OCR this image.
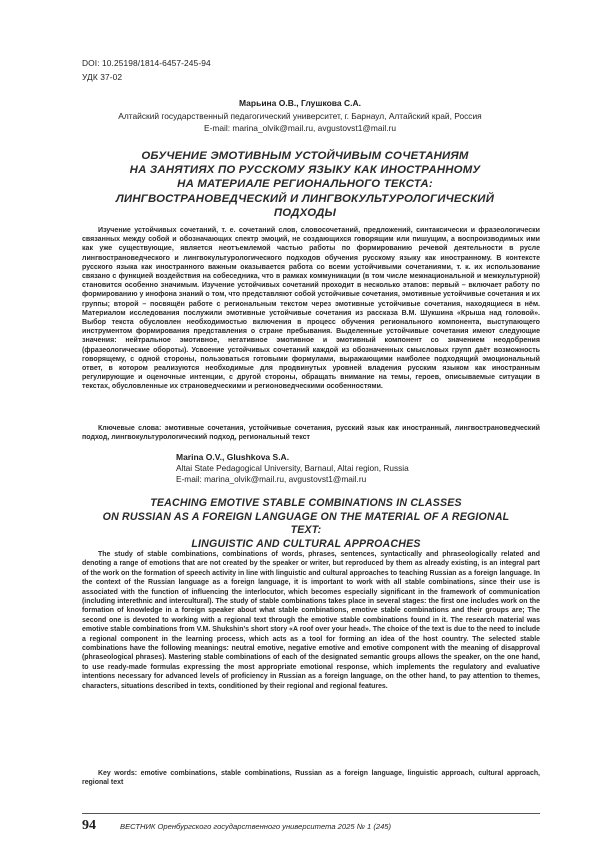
DOI: 10.25198/1814-6457-245-94
УДК 37-02
Марьина О.В., Глушкова С.А.
Алтайский государственный педагогический университет, г. Барнаул, Алтайский край, Россия
E-mail: marina_olvik@mail.ru, avgustovst1@mail.ru
ОБУЧЕНИЕ ЭМОТИВНЫМ УСТОЙЧИВЫМ СОЧЕТАНИЯМ
НА ЗАНЯТИЯХ ПО РУССКОМУ ЯЗЫКУ КАК ИНОСТРАННОМУ
НА МАТЕРИАЛЕ РЕГИОНАЛЬНОГО ТЕКСТА:
ЛИНГВОСТРАНОВЕДЧЕСКИЙ И ЛИНГВОКУЛЬТУРОЛОГИЧЕСКИЙ
ПОДХОДЫ
Изучение устойчивых сочетаний, т. е. сочетаний слов, словосочетаний, предложений, синтаксически и фразеологически связанных между собой и обозначающих спектр эмоций, не создающихся говорящим или пишущим, а воспроизводимых ими как уже существующие, является неотъемлемой частью работы по формированию речевой деятельности в русле лингвострановедческого и лингвокультурологического подходов обучения русскому языку как иностранному. В контексте русского языка как иностранного важным оказывается работа со всеми устойчивыми сочетаниями, т. к. их использование связано с функцией воздействия на собеседника, что в рамках коммуникации (в том числе межнациональной и межкультурной) становится особенно значимым. Изучение устойчивых сочетаний проходит в несколько этапов: первый – включает работу по формированию у инофона знаний о том, что представляют собой устойчивые сочетания, эмотивные устойчивые сочетания и их группы; второй – посвящён работе с региональным текстом через эмотивные устойчивые сочетания, находящиеся в нём. Материалом исследования послужили эмотивные устойчивые сочетания из рассказа В.М. Шукшина «Крыша над головой». Выбор текста обусловлен необходимостью включения в процесс обучения регионального компонента, выступающего инструментом формирования представления о стране пребывания. Выделенные устойчивые сочетания имеют следующие значения: нейтральное эмотивное, негативное эмотивное и эмотивный компонент со значением неодобрения (фразеологические обороты). Усвоение устойчивых сочетаний каждой из обозначенных смысловых групп даёт возможность говорящему, с одной стороны, пользоваться готовыми формулами, выражающими наиболее подходящий эмоциональный ответ, в котором реализуются необходимые для продвинутых уровней владения русским языком как иностранным регулирующие и оценочные интенции, с другой стороны, обращать внимание на темы, героев, описываемые ситуации в текстах, обусловленные их страноведческими и регионоведческими особенностями.
Ключевые слова: эмотивные сочетания, устойчивые сочетания, русский язык как иностранный, лингвострановедческий подход, лингвокультурологический подход, региональный текст
Marina O.V., Glushkova S.A.
Altai State Pedagogical University, Barnaul, Altai region, Russia
E-mail: marina_olvik@mail.ru, avgustovst1@mail.ru
TEACHING EMOTIVE STABLE COMBINATIONS IN CLASSES
ON RUSSIAN AS A FOREIGN LANGUAGE ON THE MATERIAL OF A REGIONAL TEXT:
LINGUISTIC AND CULTURAL APPROACHES
The study of stable combinations, combinations of words, phrases, sentences, syntactically and phraseologically related and denoting a range of emotions that are not created by the speaker or writer, but reproduced by them as already existing, is an integral part of the work on the formation of speech activity in line with linguistic and cultural approaches to teaching Russian as a foreign language. In the context of the Russian language as a foreign language, it is important to work with all stable combinations, since their use is associated with the function of influencing the interlocutor, which becomes especially significant in the framework of communication (including interethnic and intercultural). The study of stable combinations takes place in several stages: the first one includes work on the formation of knowledge in a foreign speaker about what stable combinations, emotive stable combinations and their groups are; The second one is devoted to working with a regional text through the emotive stable combinations found in it. The research material was emotive stable combinations from V.M. Shukshin’s short story «A roof over your head». The choice of the text is due to the need to include a regional component in the learning process, which acts as a tool for forming an idea of the host country. The selected stable combinations have the following meanings: neutral emotive, negative emotive and emotive component with the meaning of disapproval (phraseological phrases). Mastering stable combinations of each of the designated semantic groups allows the speaker, on the one hand, to use ready-made formulas expressing the most appropriate emotional response, which implements the regulatory and evaluative intentions necessary for advanced levels of proficiency in Russian as a foreign language, on the other hand, to pay attention to themes, characters, situations described in texts, conditioned by their regional and regional features.
Key words: emotive combinations, stable combinations, Russian as a foreign language, linguistic approach, cultural approach, regional text
94	ВЕСТНИК Оренбургского государственного университета 2025 № 1 (245)
